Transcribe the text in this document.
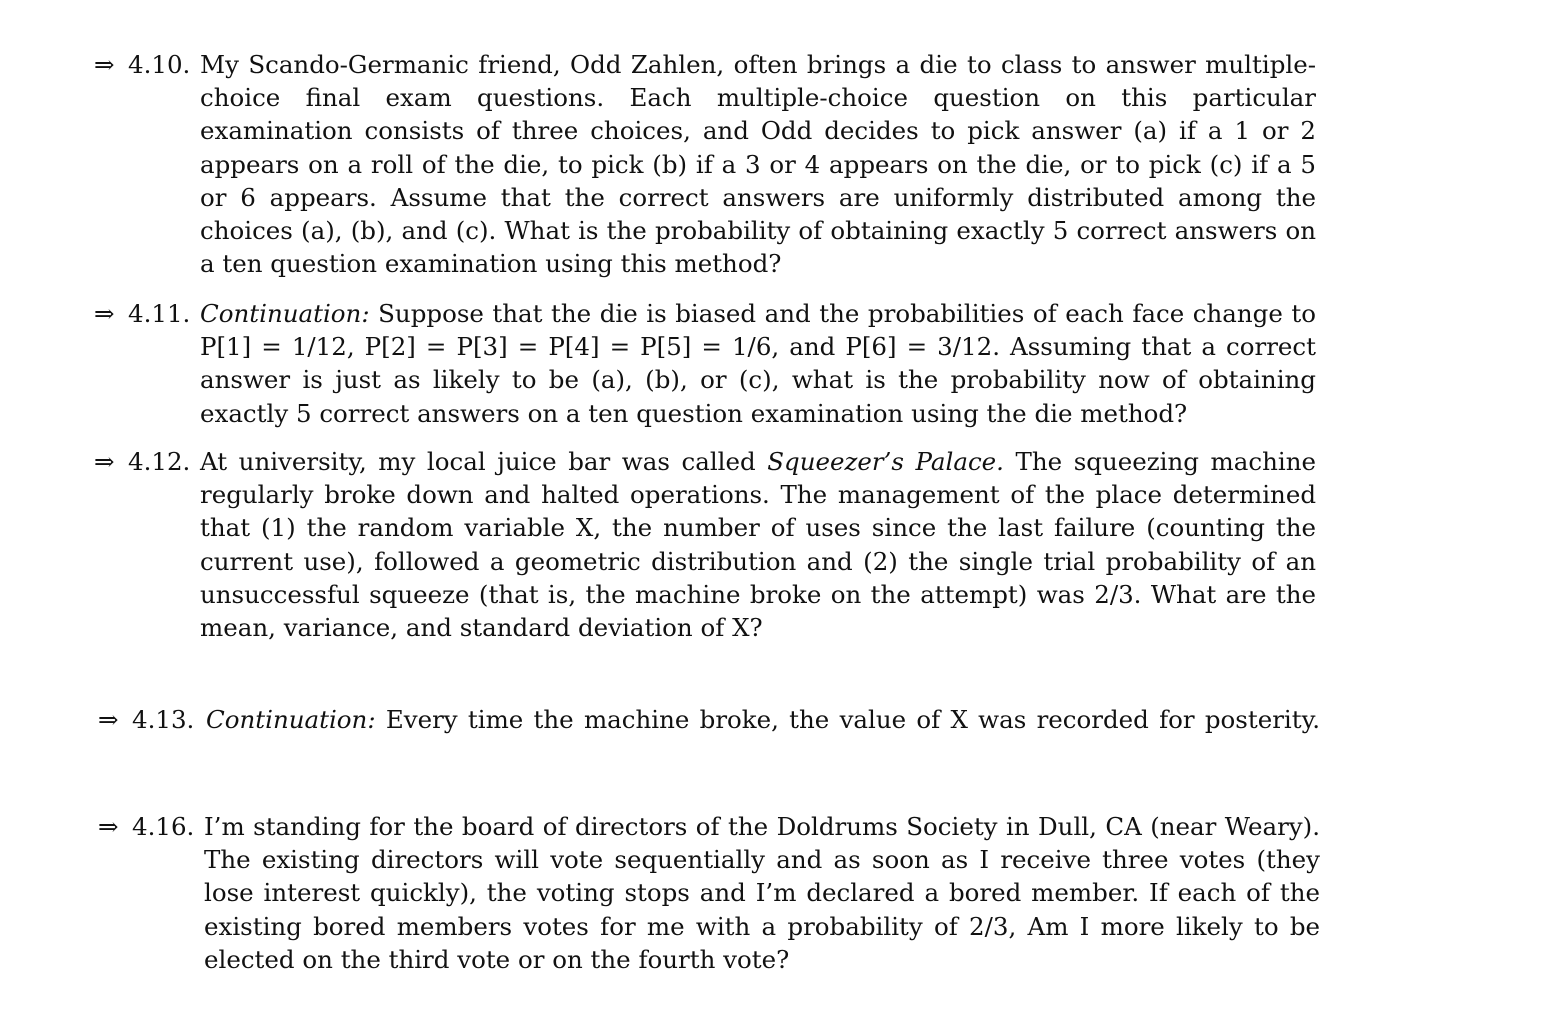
⇒ 4.10. My Scando-Germanic friend, Odd Zahlen, often brings a die to class to answer multiple-choice final exam questions. Each multiple-choice question on this particular examination consists of three choices, and Odd decides to pick answer (a) if a 1 or 2 appears on a roll of the die, to pick (b) if a 3 or 4 appears on the die, or to pick (c) if a 5 or 6 appears. Assume that the correct answers are uniformly distributed among the choices (a), (b), and (c). What is the probability of obtaining exactly 5 correct answers on a ten question examination using this method?
⇒ 4.11. Continuation: Suppose that the die is biased and the probabilities of each face change to P[1] = 1/12, P[2] = P[3] = P[4] = P[5] = 1/6, and P[6] = 3/12. Assuming that a correct answer is just as likely to be (a), (b), or (c), what is the probability now of obtaining exactly 5 correct answers on a ten question examination using the die method?
⇒ 4.12. At university, my local juice bar was called Squeezer’s Palace. The squeezing machine regularly broke down and halted operations. The management of the place determined that (1) the random variable X, the number of uses since the last failure (counting the current use), followed a geometric distribution and (2) the single trial probability of an unsuccessful squeeze (that is, the machine broke on the attempt) was 2/3. What are the mean, variance, and standard deviation of X?
⇒ 4.13. Continuation: Every time the machine broke, the value of X was recorded for posterity.
⇒ 4.16. I’m standing for the board of directors of the Doldrums Society in Dull, CA (near Weary). The existing directors will vote sequentially and as soon as I receive three votes (they lose interest quickly), the voting stops and I’m declared a bored member. If each of the existing bored members votes for me with a probability of 2/3, Am I more likely to be elected on the third vote or on the fourth vote?
